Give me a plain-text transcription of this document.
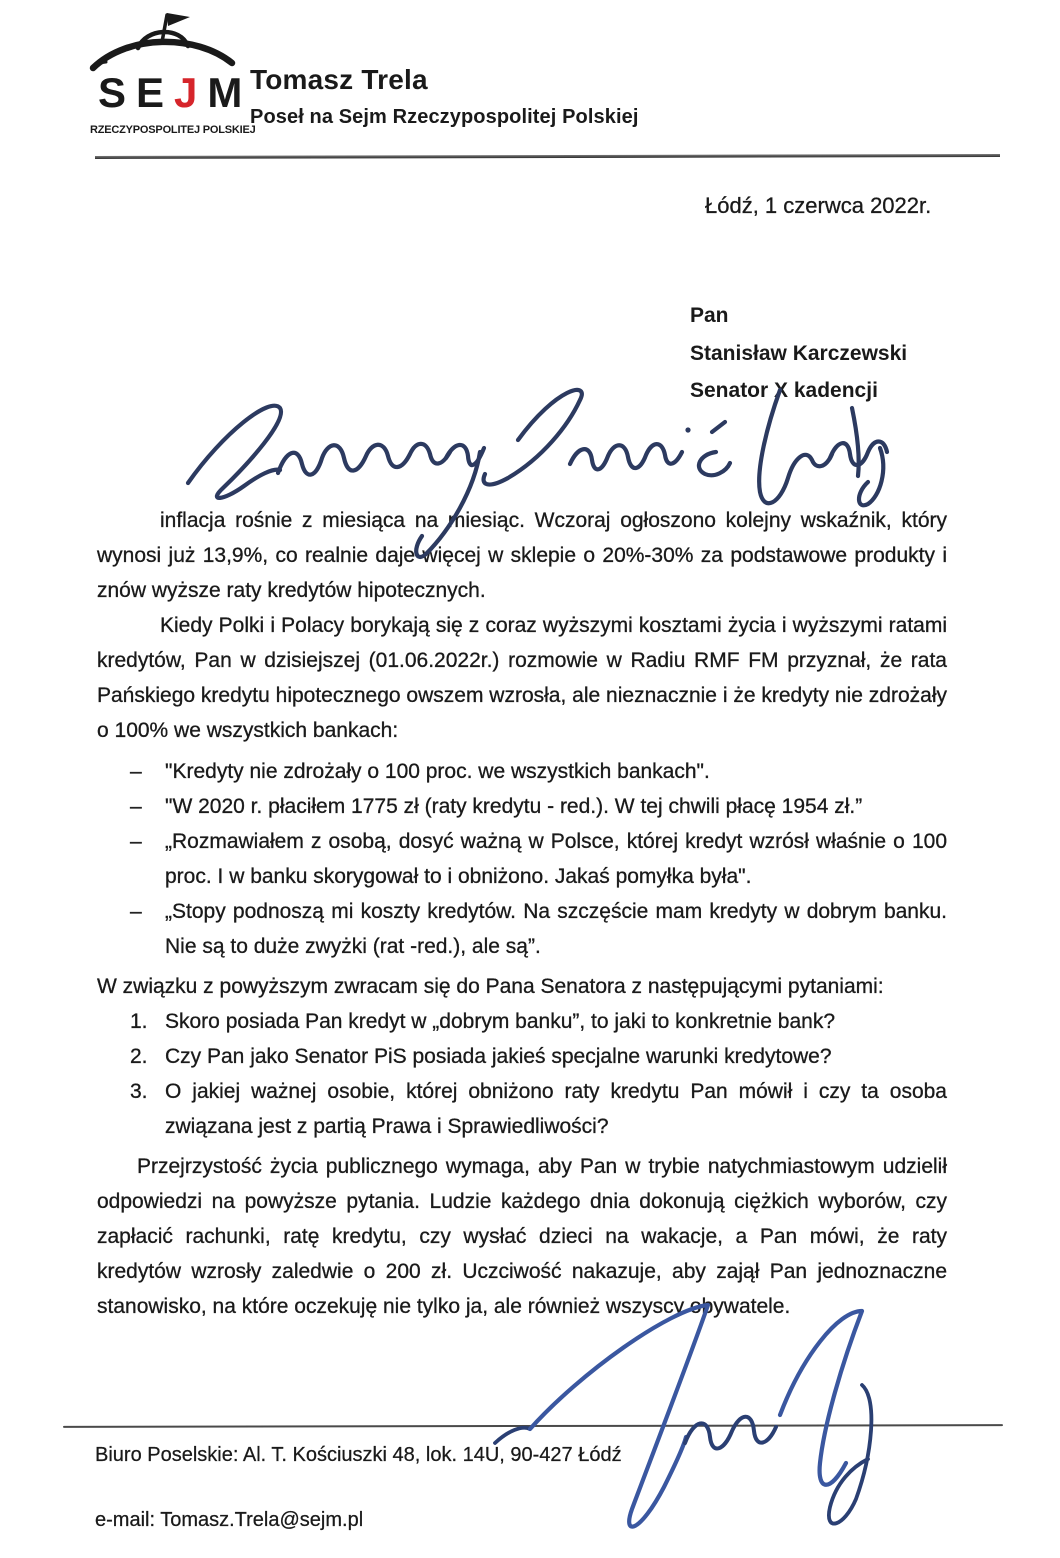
S E J M
RZECZYPOSPOLITEJ POLSKIEJ
Tomasz Trela
Poseł na Sejm Rzeczypospolitej Polskiej
Łódź, 1 czerwca 2022r.
Pan
Stanisław Karczewski
Senator X kadencji
inflacja rośnie z miesiąca na miesiąc. Wczoraj ogłoszono kolejny wskaźnik, który wynosi już 13,9%, co realnie daje więcej w sklepie o 20%-30% za podstawowe produkty i znów wyższe raty kredytów hipotecznych.
Kiedy Polki i Polacy borykają się z coraz wyższymi kosztami życia i wyższymi ratami kredytów, Pan w dzisiejszej (01.06.2022r.) rozmowie w Radiu RMF FM przyznał, że rata Pańskiego kredytu hipotecznego owszem wzrosła, ale nieznacznie i że kredyty nie zdrożały o 100% we wszystkich bankach:
–	"Kredyty nie zdrożały o 100 proc. we wszystkich bankach".
–	"W 2020 r. płaciłem 1775 zł (raty kredytu - red.). W tej chwili płacę 1954 zł.”
–	„Rozmawiałem z osobą, dosyć ważną w Polsce, której kredyt wzrósł właśnie o 100 proc. I w banku skorygował to i obniżono. Jakaś pomyłka była".
–	„Stopy podnoszą mi koszty kredytów. Na szczęście mam kredyty w dobrym banku. Nie są to duże zwyżki (rat -red.), ale są”.
W związku z powyższym zwracam się do Pana Senatora z następującymi pytaniami:
1. Skoro posiada Pan kredyt w „dobrym banku”, to jaki to konkretnie bank?
2. Czy Pan jako Senator PiS posiada jakieś specjalne warunki kredytowe?
3. O jakiej ważnej osobie, której obniżono raty kredytu Pan mówił i czy ta osoba związana jest z partią Prawa i Sprawiedliwości?
Przejrzystość życia publicznego wymaga, aby Pan w trybie natychmiastowym udzielił odpowiedzi na powyższe pytania. Ludzie każdego dnia dokonują ciężkich wyborów, czy zapłacić rachunki, ratę kredytu, czy wysłać dzieci na wakacje, a Pan mówi, że raty kredytów wzrosły zaledwie o 200 zł. Uczciwość nakazuje, aby zajął Pan jednoznaczne stanowisko, na które oczekuję nie tylko ja, ale również wszyscy obywatele.
Biuro Poselskie: Al. T. Kościuszki 48, lok. 14U, 90-427 Łódź
e-mail: Tomasz.Trela@sejm.pl
